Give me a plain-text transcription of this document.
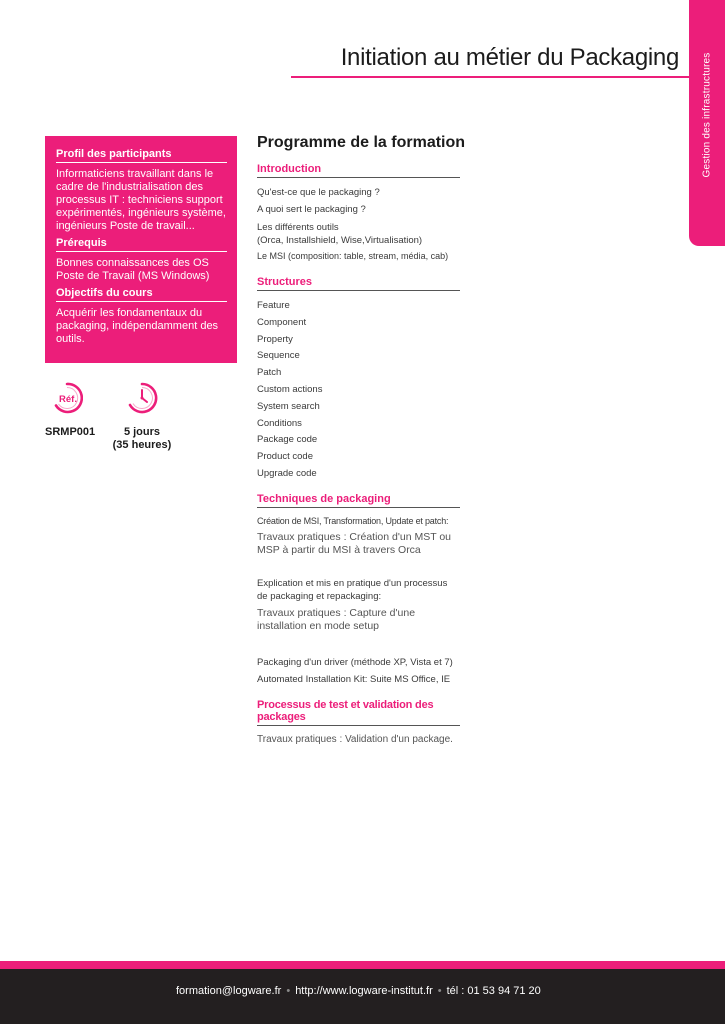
Gestion des infrastructures
Initiation au métier du Packaging
Profil des participants
Informaticiens travaillant dans le cadre de l'industrialisation des processus IT : techniciens support expérimentés, ingénieurs système, ingénieurs Poste de travail...
Prérequis
Bonnes connaissances des OS Poste de Travail (MS Windows)
Objectifs du cours
Acquérir les fondamentaux du packaging, indépendamment des outils.
Réf.
SRMP001	5 jours
(35 heures)
Programme de la formation
Introduction
Qu'est-ce que le packaging ?
A quoi sert le packaging ?
Les différents outils
(Orca, Installshield, Wise,Virtualisation)
Le MSI (composition: table, stream, média, cab)
Structures
Feature
Component
Property
Sequence
Patch
Custom actions
System search
Conditions
Package code
Product code
Upgrade code
Techniques de packaging
Création de MSI, Transformation, Update et patch:
Travaux pratiques : Création d'un MST ou MSP à partir du MSI à travers Orca
Explication et mis en pratique d'un processus de packaging et repackaging:
Travaux pratiques : Capture d'une installation en mode setup
Packaging d'un driver (méthode XP, Vista et 7)
Automated Installation Kit: Suite MS Office, IE
Processus de test et validation des packages
Travaux pratiques : Validation d'un package.
formation@logware.fr • http://www.logware-institut.fr • tél : 01 53 94 71 20
